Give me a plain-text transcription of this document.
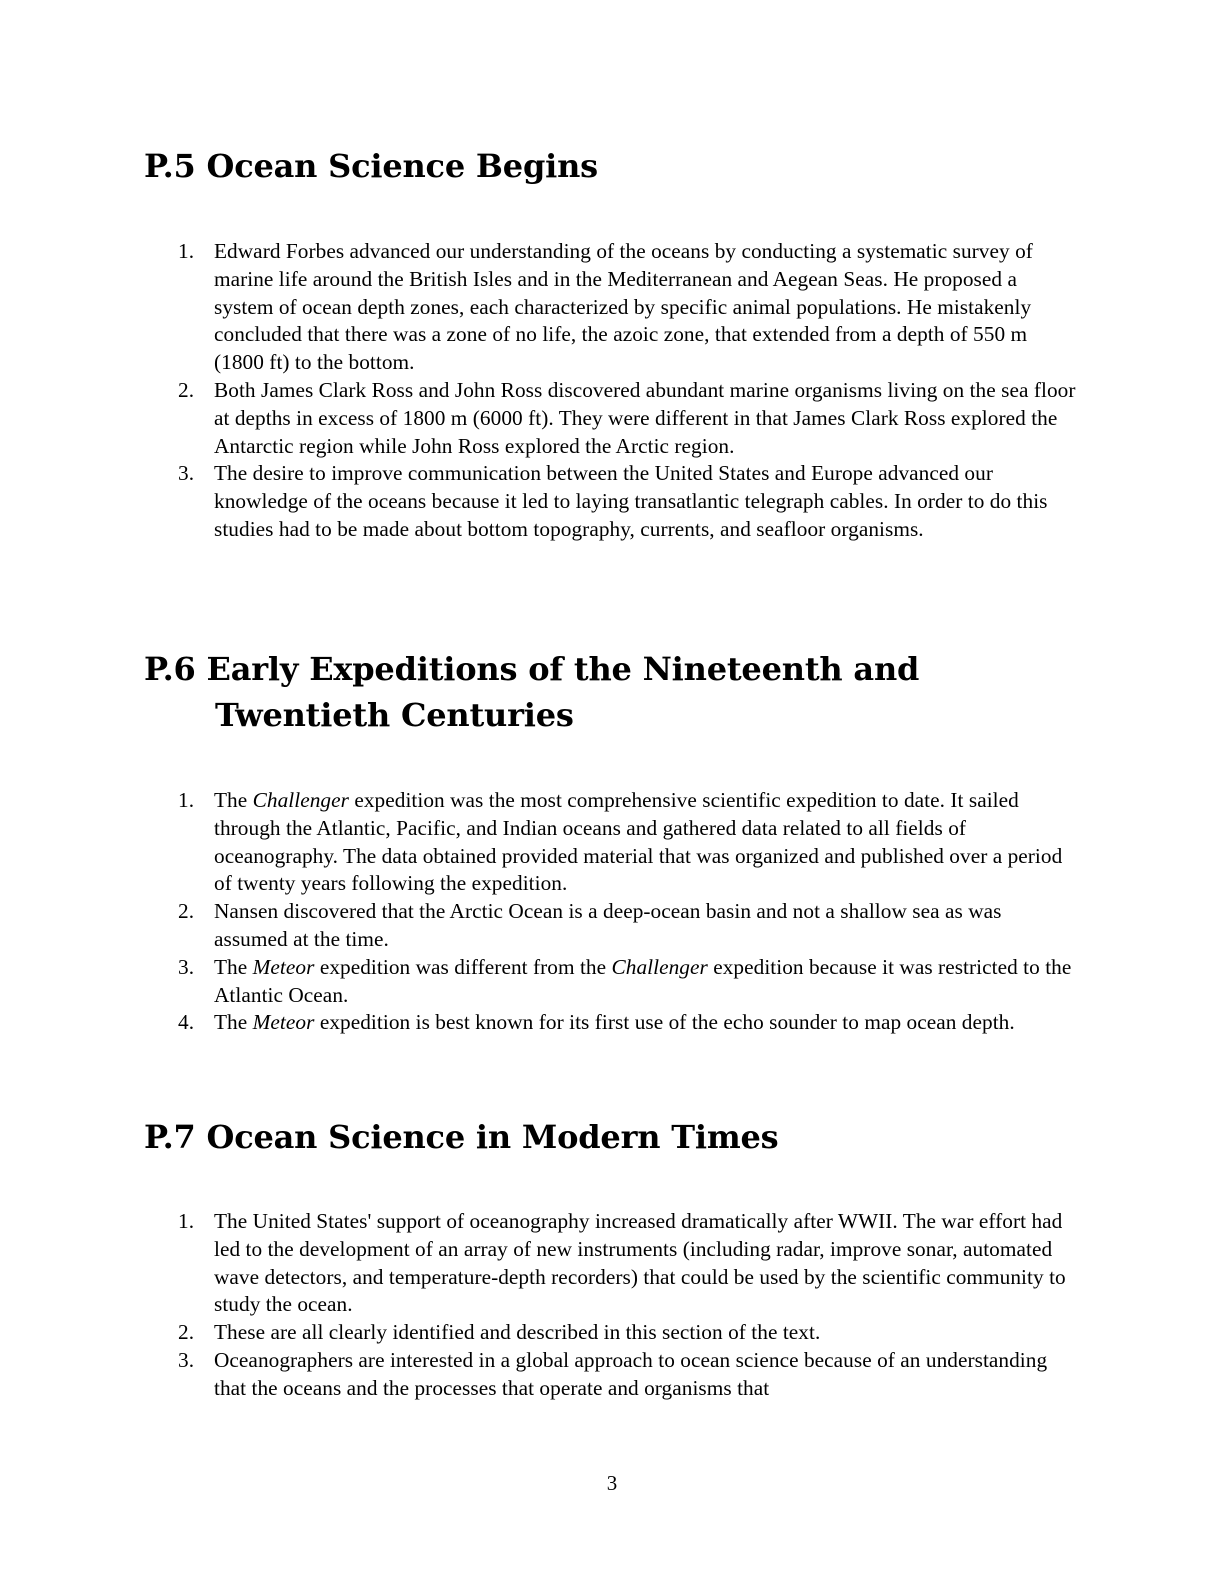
P.5 Ocean Science Begins
1. Edward Forbes advanced our understanding of the oceans by conducting a systematic survey of marine life around the British Isles and in the Mediterranean and Aegean Seas. He proposed a system of ocean depth zones, each characterized by specific animal populations. He mistakenly concluded that there was a zone of no life, the azoic zone, that extended from a depth of 550 m (1800 ft) to the bottom.
2. Both James Clark Ross and John Ross discovered abundant marine organisms living on the sea floor at depths in excess of 1800 m (6000 ft). They were different in that James Clark Ross explored the Antarctic region while John Ross explored the Arctic region.
3. The desire to improve communication between the United States and Europe advanced our knowledge of the oceans because it led to laying transatlantic telegraph cables. In order to do this studies had to be made about bottom topography, currents, and seafloor organisms.
P.6 Early Expeditions of the Nineteenth and
Twentieth Centuries
1. The Challenger expedition was the most comprehensive scientific expedition to date. It sailed through the Atlantic, Pacific, and Indian oceans and gathered data related to all fields of oceanography. The data obtained provided material that was organized and published over a period of twenty years following the expedition.
2. Nansen discovered that the Arctic Ocean is a deep-ocean basin and not a shallow sea as was assumed at the time.
3. The Meteor expedition was different from the Challenger expedition because it was restricted to the Atlantic Ocean.
4. The Meteor expedition is best known for its first use of the echo sounder to map ocean depth.
P.7 Ocean Science in Modern Times
1. The United States' support of oceanography increased dramatically after WWII. The war effort had led to the development of an array of new instruments (including radar, improve sonar, automated wave detectors, and temperature-depth recorders) that could be used by the scientific community to study the ocean.
2. These are all clearly identified and described in this section of the text.
3. Oceanographers are interested in a global approach to ocean science because of an understanding that the oceans and the processes that operate and organisms that
3
